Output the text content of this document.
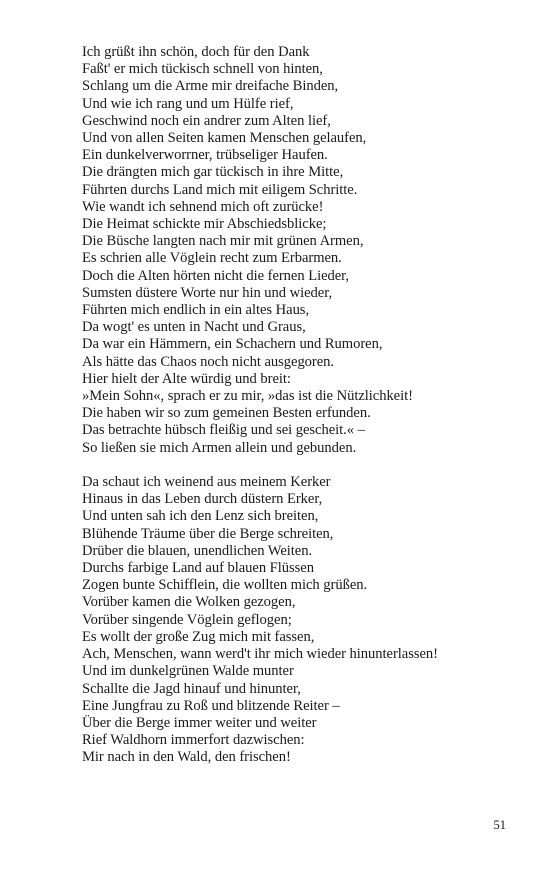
Ich grüßt ihn schön, doch für den Dank
Faßt' er mich tückisch schnell von hinten,
Schlang um die Arme mir dreifache Binden,
Und wie ich rang und um Hülfe rief,
Geschwind noch ein andrer zum Alten lief,
Und von allen Seiten kamen Menschen gelaufen,
Ein dunkelverworrner, trübseliger Haufen.
Die drängten mich gar tückisch in ihre Mitte,
Führten durchs Land mich mit eiligem Schritte.
Wie wandt ich sehnend mich oft zurücke!
Die Heimat schickte mir Abschiedsblicke;
Die Büsche langten nach mir mit grünen Armen,
Es schrien alle Vöglein recht zum Erbarmen.
Doch die Alten hörten nicht die fernen Lieder,
Sumsten düstere Worte nur hin und wieder,
Führten mich endlich in ein altes Haus,
Da wogt' es unten in Nacht und Graus,
Da war ein Hämmern, ein Schachern und Rumoren,
Als hätte das Chaos noch nicht ausgegoren.
Hier hielt der Alte würdig und breit:
»Mein Sohn«, sprach er zu mir, »das ist die Nützlichkeit!
Die haben wir so zum gemeinen Besten erfunden.
Das betrachte hübsch fleißig und sei gescheit.« –
So ließen sie mich Armen allein und gebunden.
Da schaut ich weinend aus meinem Kerker
Hinaus in das Leben durch düstern Erker,
Und unten sah ich den Lenz sich breiten,
Blühende Träume über die Berge schreiten,
Drüber die blauen, unendlichen Weiten.
Durchs farbige Land auf blauen Flüssen
Zogen bunte Schifflein, die wollten mich grüßen.
Vorüber kamen die Wolken gezogen,
Vorüber singende Vöglein geflogen;
Es wollt der große Zug mich mit fassen,
Ach, Menschen, wann werd't ihr mich wieder hinunterlassen!
Und im dunkelgrünen Walde munter
Schallte die Jagd hinauf und hinunter,
Eine Jungfrau zu Roß und blitzende Reiter –
Über die Berge immer weiter und weiter
Rief Waldhorn immerfort dazwischen:
Mir nach in den Wald, den frischen!
51
